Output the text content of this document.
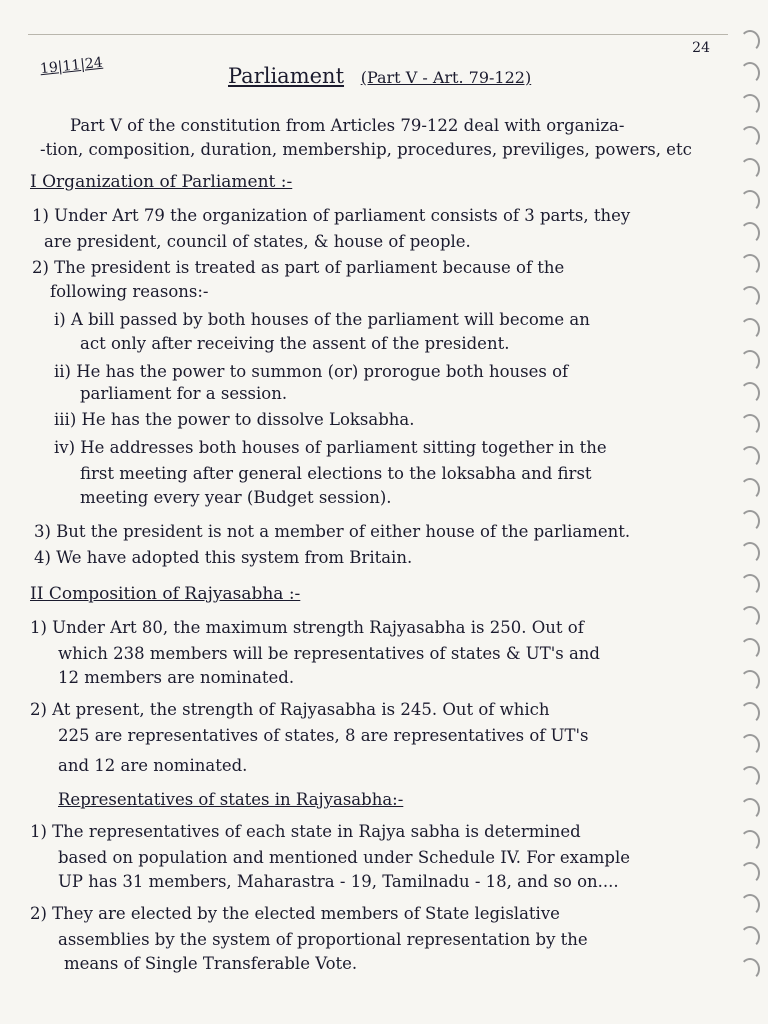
24
19|11|24	Parliament (Part V - Art. 79-122)
Part V of the constitution from Articles 79-122 deal with organiza-
-tion, composition, duration, membership, procedures, previliges, powers, etc
I Organization of Parliament :-
1) Under Art 79 the organization of parliament consists of 3 parts, they
are president, council of states, & house of people.
2) The president is treated as part of parliament because of the
following reasons:-
i) A bill passed by both houses of the parliament will become an
act only after receiving the assent of the president.
ii) He has the power to summon (or) prorogue both houses of
parliament for a session.
iii) He has the power to dissolve Loksabha.
iv) He addresses both houses of parliament sitting together in the
first meeting after general elections to the loksabha and first
meeting every year (Budget session).
3) But the president is not a member of either house of the parliament.
4) We have adopted this system from Britain.
II Composition of Rajyasabha :-
1) Under Art 80, the maximum strength Rajyasabha is 250. Out of
which 238 members will be representatives of states & UT's and
12 members are nominated.
2) At present, the strength of Rajyasabha is 245. Out of which
225 are representatives of states, 8 are representatives of UT's
and 12 are nominated.
Representatives of states in Rajyasabha:-
1) The representatives of each state in Rajya sabha is determined
based on population and mentioned under Schedule IV. For example
UP has 31 members, Maharastra - 19, Tamilnadu - 18, and so on....
2) They are elected by the elected members of State legislative
assemblies by the system of proportional representation by the
means of Single Transferable Vote.
